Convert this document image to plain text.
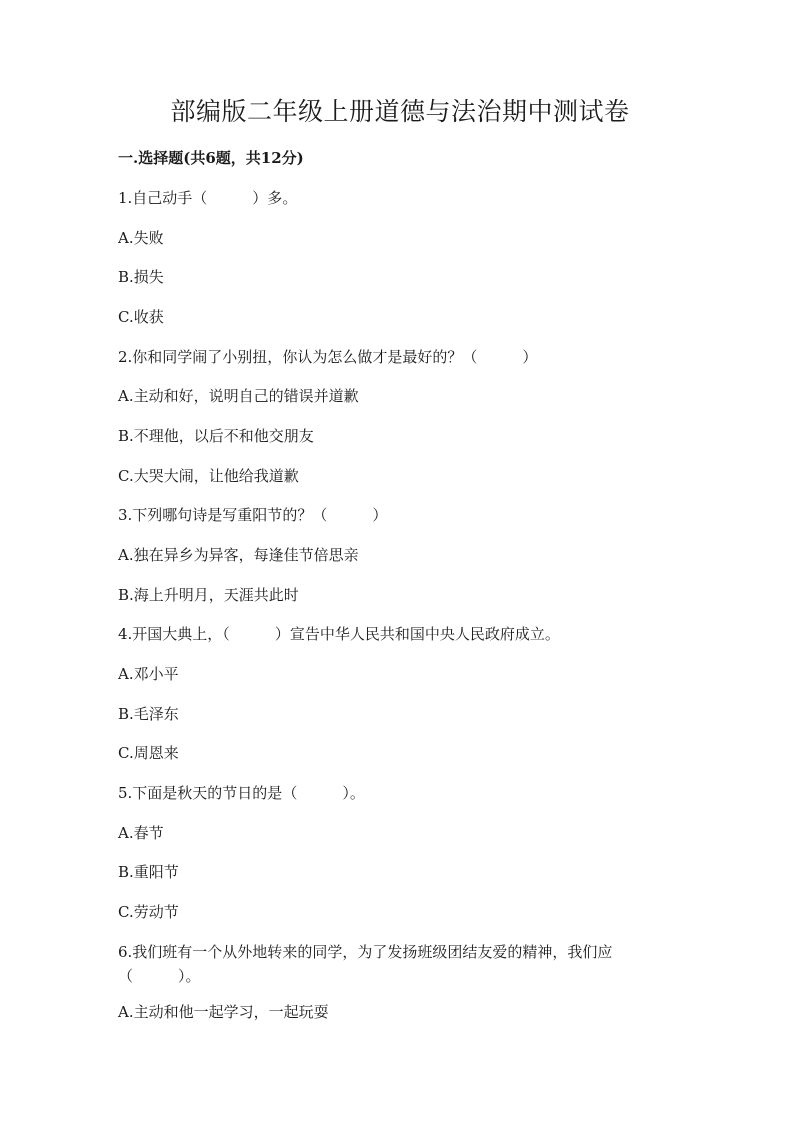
部编版二年级上册道德与法治期中测试卷
一.选择题(共6题，共12分)
1.自己动手（　　　）多。
A.失败
B.损失
C.收获
2.你和同学闹了小别扭，你认为怎么做才是最好的？（　　　）
A.主动和好，说明自己的错误并道歉
B.不理他，以后不和他交朋友
C.大哭大闹，让他给我道歉
3.下列哪句诗是写重阳节的？（　　　）
A.独在异乡为异客，每逢佳节倍思亲
B.海上升明月，天涯共此时
4.开国大典上，（　　　）宣告中华人民共和国中央人民政府成立。
A.邓小平
B.毛泽东
C.周恩来
5.下面是秋天的节日的是（　　　）。
A.春节
B.重阳节
C.劳动节
6.我们班有一个从外地转来的同学，为了发扬班级团结友爱的精神，我们应（　　　）。
A.主动和他一起学习，一起玩耍
